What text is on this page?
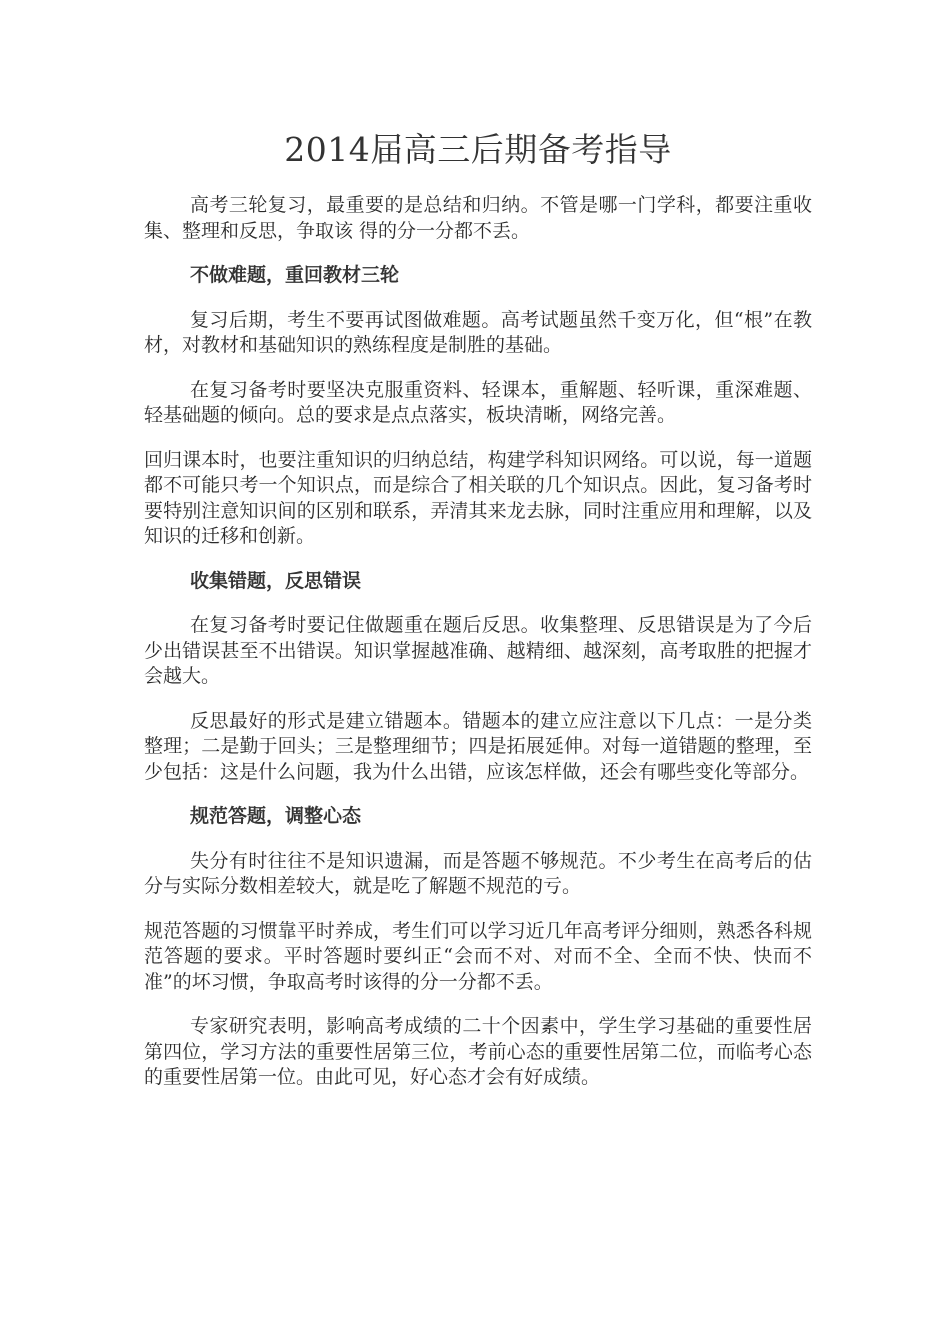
2014届高三后期备考指导

高考三轮复习，最重要的是总结和归纳。不管是哪一门学科，都要注重收集、整理和反思，争取该 得的分一分都不丢。

不做难题，重回教材三轮

复习后期，考生不要再试图做难题。高考试题虽然千变万化，但“根”在教材，对教材和基础知识的熟练程度是制胜的基础。

在复习备考时要坚决克服重资料、轻课本，重解题、轻听课，重深难题、轻基础题的倾向。总的要求是点点落实，板块清晰，网络完善。

回归课本时，也要注重知识的归纳总结，构建学科知识网络。可以说，每一道题都不可能只考一个知识点，而是综合了相关联的几个知识点。因此，复习备考时要特别注意知识间的区别和联系，弄清其来龙去脉，同时注重应用和理解，以及知识的迁移和创新。

收集错题，反思错误

在复习备考时要记住做题重在题后反思。收集整理、反思错误是为了今后少出错误甚至不出错误。知识掌握越准确、越精细、越深刻，高考取胜的把握才会越大。

反思最好的形式是建立错题本。错题本的建立应注意以下几点：一是分类整理；二是勤于回头；三是整理细节；四是拓展延伸。对每一道错题的整理，至少包括：这是什么问题，我为什么出错，应该怎样做，还会有哪些变化等部分。

规范答题，调整心态

失分有时往往不是知识遗漏，而是答题不够规范。不少考生在高考后的估分与实际分数相差较大，就是吃了解题不规范的亏。

规范答题的习惯靠平时养成，考生们可以学习近几年高考评分细则，熟悉各科规范答题的要求。平时答题时要纠正“会而不对、对而不全、全而不快、快而不准”的坏习惯，争取高考时该得的分一分都不丢。

专家研究表明，影响高考成绩的二十个因素中，学生学习基础的重要性居第四位，学习方法的重要性居第三位，考前心态的重要性居第二位，而临考心态的重要性居第一位。由此可见，好心态才会有好成绩。
